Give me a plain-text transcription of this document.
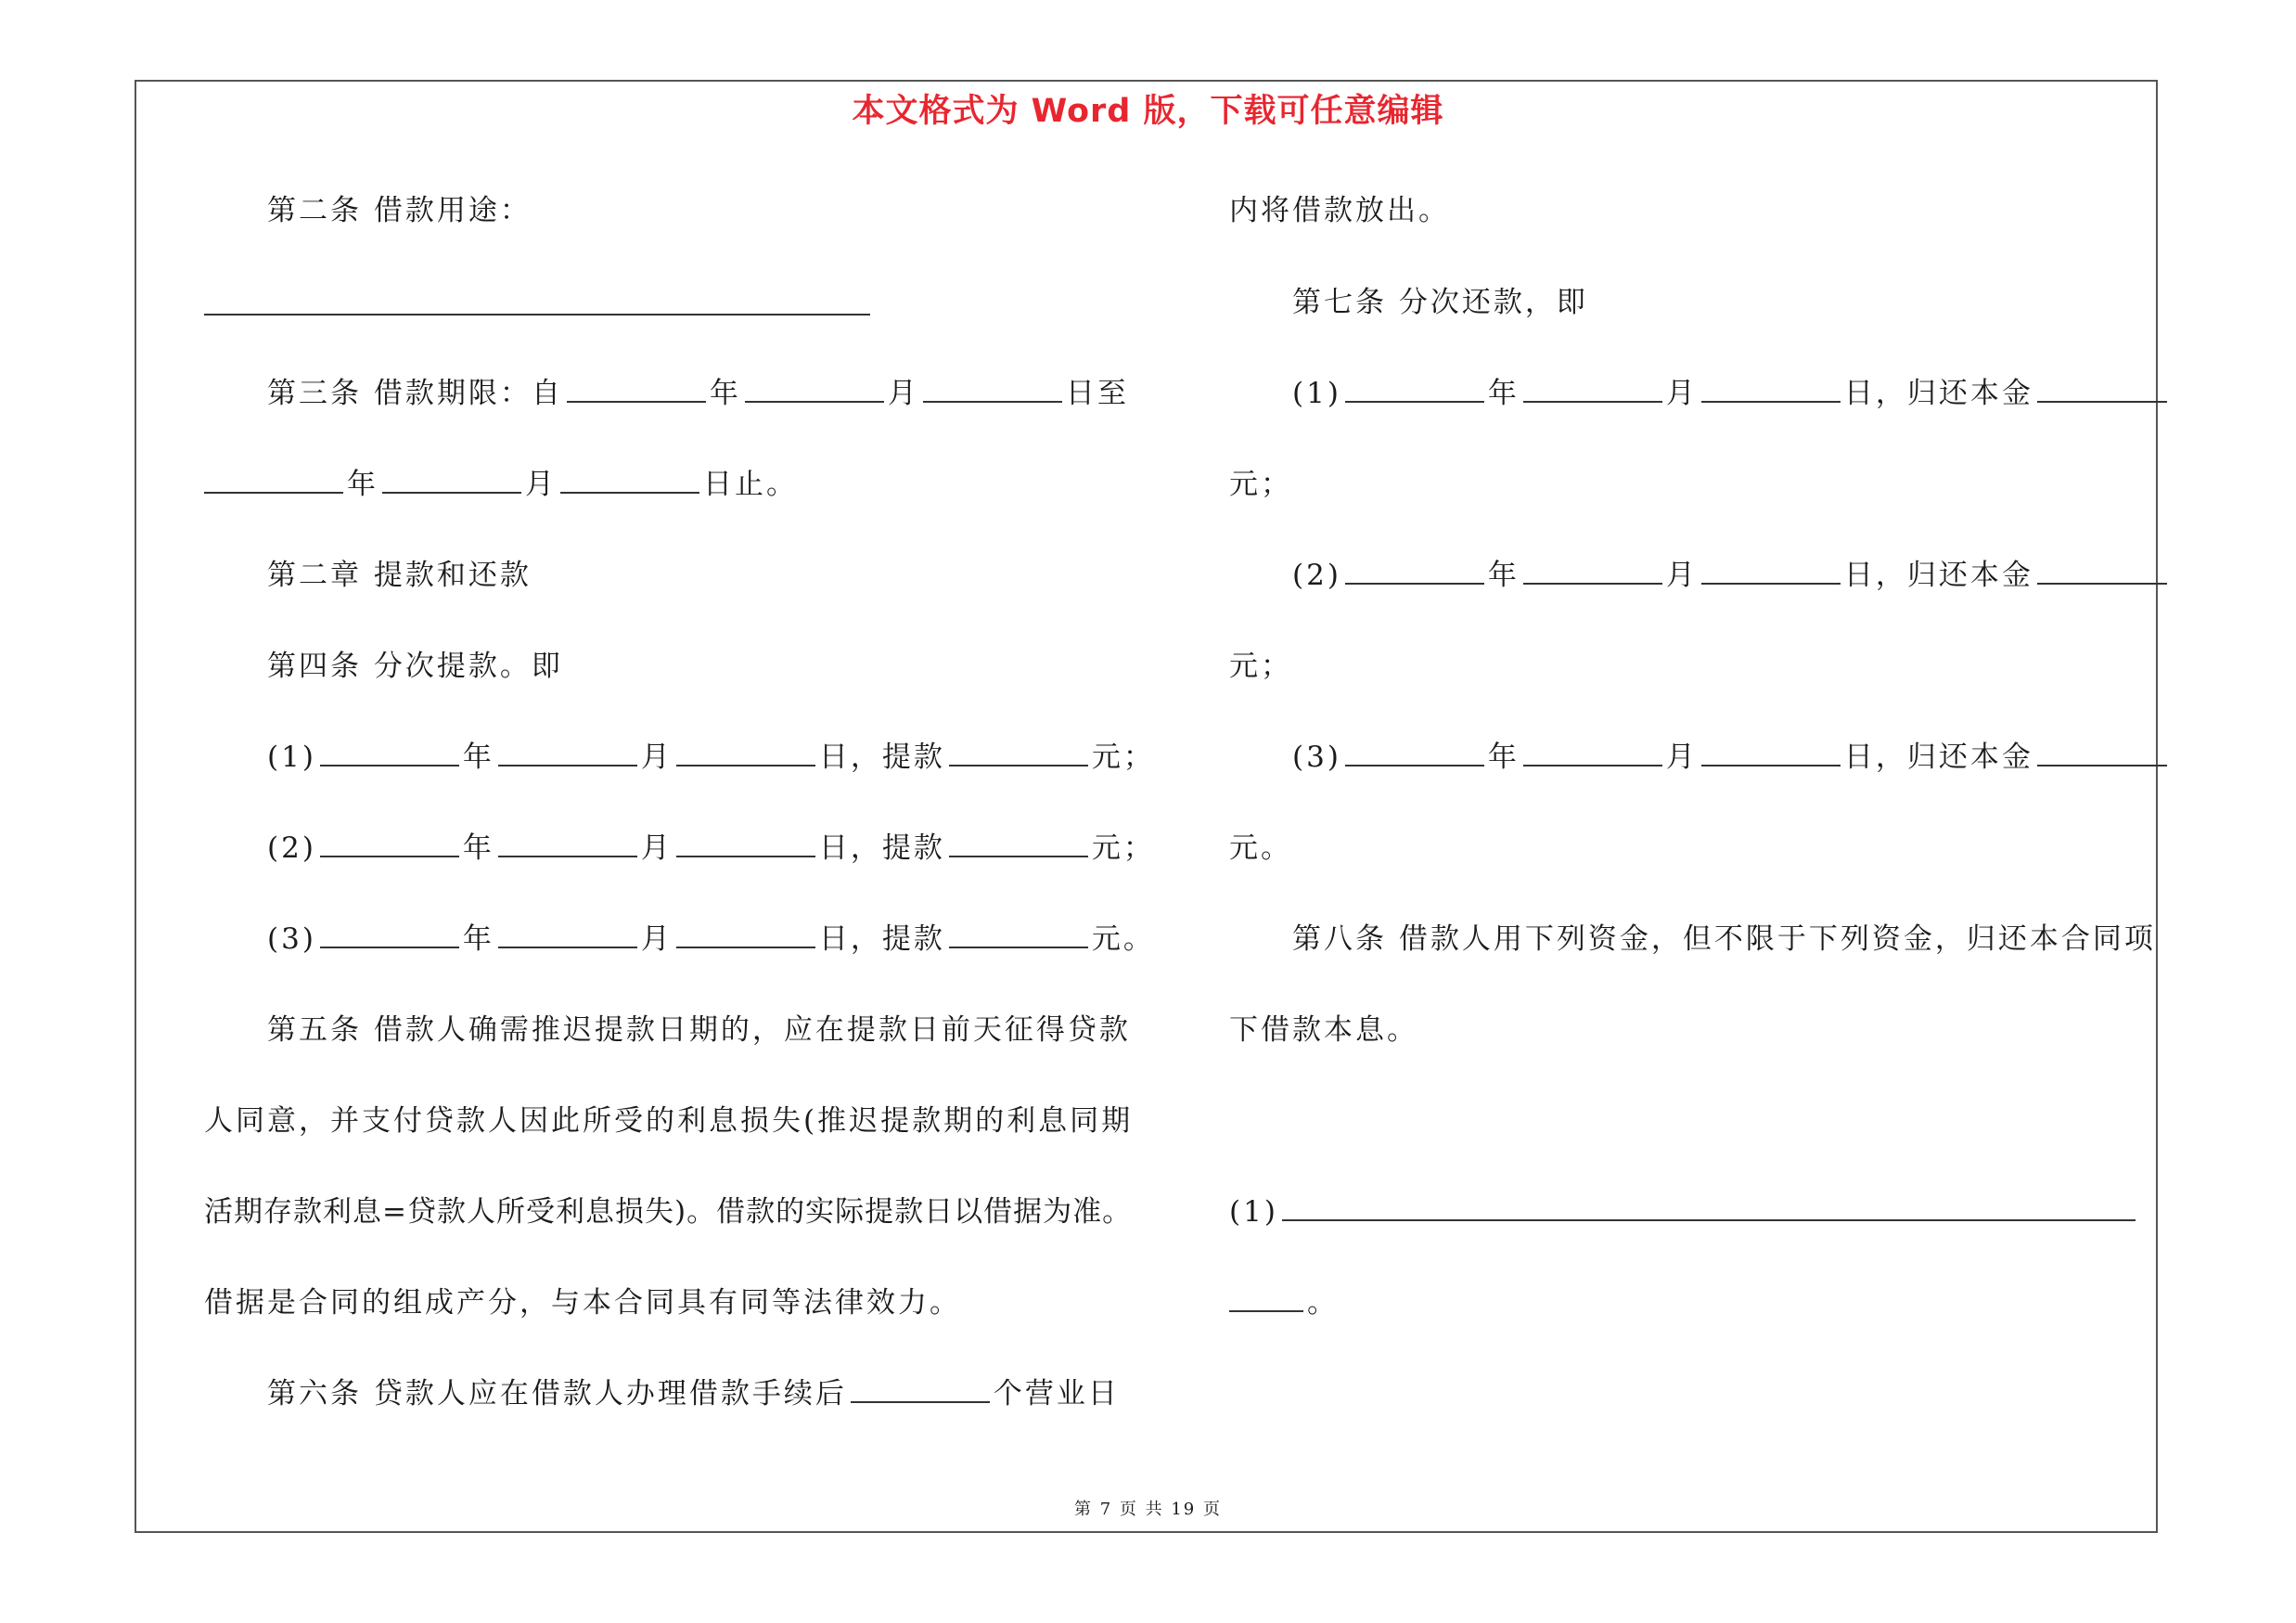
本文格式为 Word 版，下载可任意编辑
第二条 借款用途：
第三条 借款期限：自	年	月	日至
年	月	日止。
第二章 提款和还款
第四条 分次提款。即
(1)	年	月	日，提款	元；
(2)	年	月	日，提款	元；
(3)	年	月	日，提款	元。
第五条 借款人确需推迟提款日期的，应在提款日前天征得贷款
人同意，并支付贷款人因此所受的利息损失(推迟提款期的利息同期
活期存款利息=贷款人所受利息损失)。借款的实际提款日以借据为准。
借据是合同的组成产分，与本合同具有同等法律效力。
第六条 贷款人应在借款人办理借款手续后	个营业日
内将借款放出。
第七条 分次还款，即
(1)	年	月	日，归还本金
元；
(2)	年	月	日，归还本金
元；
(3)	年	月	日，归还本金
元。
第八条 借款人用下列资金，但不限于下列资金，归还本合同项
下借款本息。
(1)
。
第 7 页 共 19 页
